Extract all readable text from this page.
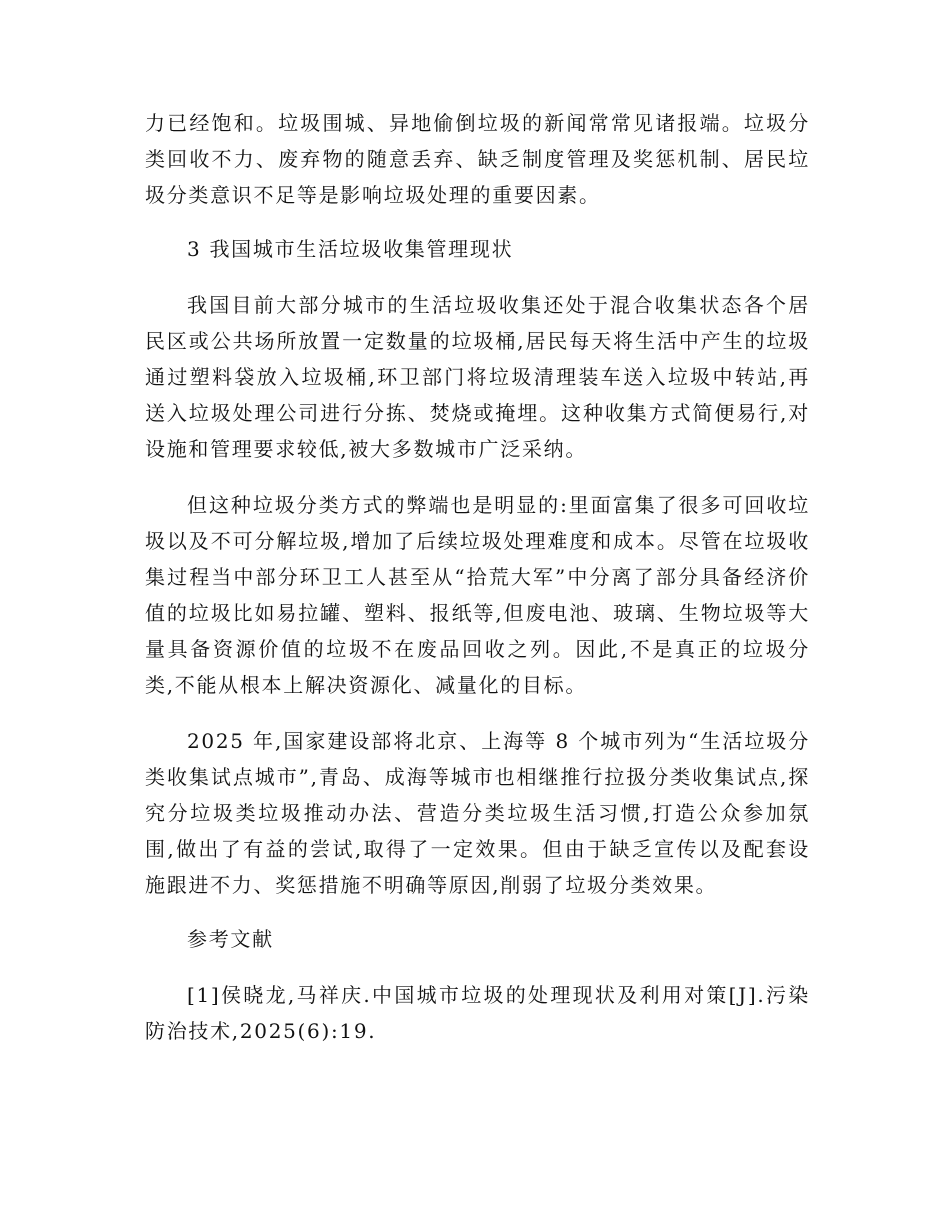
力已经饱和。垃圾围城、异地偷倒垃圾的新闻常常见诸报端。垃圾分类回收不力、废弃物的随意丢弃、缺乏制度管理及奖惩机制、居民垃圾分类意识不足等是影响垃圾处理的重要因素。

3 我国城市生活垃圾收集管理现状

我国目前大部分城市的生活垃圾收集还处于混合收集状态各个居民区或公共场所放置一定数量的垃圾桶,居民每天将生活中产生的垃圾通过塑料袋放入垃圾桶,环卫部门将垃圾清理装车送入垃圾中转站,再送入垃圾处理公司进行分拣、焚烧或掩埋。这种收集方式简便易行,对设施和管理要求较低,被大多数城市广泛采纳。

但这种垃圾分类方式的弊端也是明显的:里面富集了很多可回收垃圾以及不可分解垃圾,增加了后续垃圾处理难度和成本。尽管在垃圾收集过程当中部分环卫工人甚至从“拾荒大军”中分离了部分具备经济价值的垃圾比如易拉罐、塑料、报纸等,但废电池、玻璃、生物垃圾等大量具备资源价值的垃圾不在废品回收之列。因此,不是真正的垃圾分类,不能从根本上解决资源化、减量化的目标。

2025 年,国家建设部将北京、上海等 8 个城市列为“生活垃圾分类收集试点城市”,青岛、成海等城市也相继推行拉扱分类收集试点,探究分垃圾类垃圾推动办法、营造分类垃圾生活习惯,打造公众参加氛围,做出了有益的尝试,取得了一定效果。但由于缺乏宣传以及配套设施跟进不力、奖惩措施不明确等原因,削弱了垃圾分类效果。

参考文献

[1]侯晓龙,马祥庆.中国城市垃圾的处理现状及利用对策[J].污染防治技术,2025(6):19.
